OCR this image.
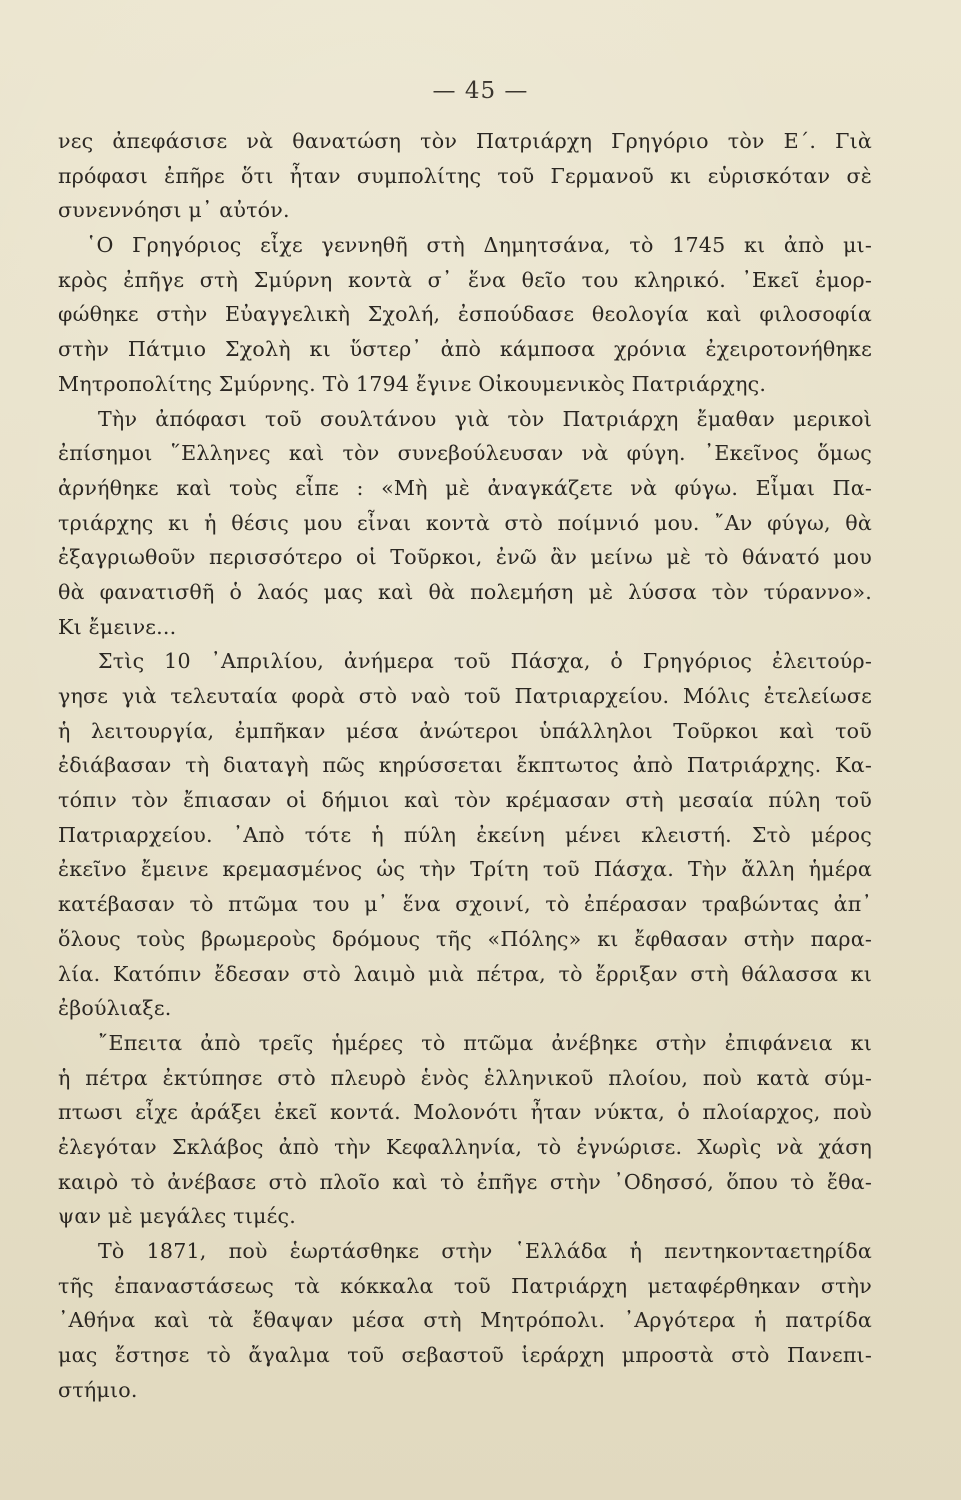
— 45 —
νες ἀπεφάσισε νὰ θανατώση τὸν Πατριάρχη Γρηγόριο τὸν Ε΄. Γιὰ
πρόφασι ἐπῆρε ὅτι ἦταν συμπολίτης τοῦ Γερμανοῦ κι εὑρισκόταν σὲ
συνεννόησι μ᾿ αὐτόν.
῾Ο Γρηγόριος εἶχε γεννηθῆ στὴ Δημητσάνα, τὸ 1745 κι ἀπὸ μι-
κρὸς ἐπῆγε στὴ Σμύρνη κοντὰ σ᾿ ἕνα θεῖο του κληρικό. ᾿Εκεῖ ἐμορ-
φώθηκε στὴν Εὐαγγελικὴ Σχολή, ἐσπούδασε θεολογία καὶ φιλοσοφία
στὴν Πάτμιο Σχολὴ κι ὕστερ᾿ ἀπὸ κάμποσα χρόνια ἐχειροτονήθηκε
Μητροπολίτης Σμύρνης. Τὸ 1794 ἔγινε Οἰκουμενικὸς Πατριάρχης.
Τὴν ἀπόφασι τοῦ σουλτάνου γιὰ τὸν Πατριάρχη ἔμαθαν μερικοὶ
ἐπίσημοι ῞Ελληνες καὶ τὸν συνεβούλευσαν νὰ φύγη. ᾿Εκεῖνος ὅμως
ἀρνήθηκε καὶ τοὺς εἶπε : «Μὴ μὲ ἀναγκάζετε νὰ φύγω. Εἶμαι Πα-
τριάρχης κι ἡ θέσις μου εἶναι κοντὰ στὸ ποίμνιό μου. ῎Αν φύγω, θὰ
ἐξαγριωθοῦν περισσότερο οἱ Τοῦρκοι, ἐνῶ ἂν μείνω μὲ τὸ θάνατό μου
θὰ φανατισθῆ ὁ λαός μας καὶ θὰ πολεμήση μὲ λύσσα τὸν τύραννο».
Κι ἔμεινε...
Στὶς 10 ᾿Απριλίου, ἀνήμερα τοῦ Πάσχα, ὁ Γρηγόριος ἐλειτούρ-
γησε γιὰ τελευταία φορὰ στὸ ναὸ τοῦ Πατριαρχείου. Μόλις ἐτελείωσε
ἡ λειτουργία, ἐμπῆκαν μέσα ἀνώτεροι ὑπάλληλοι Τοῦρκοι καὶ τοῦ
ἐδιάβασαν τὴ διαταγὴ πῶς κηρύσσεται ἔκπτωτος ἀπὸ Πατριάρχης. Κα-
τόπιν τὸν ἔπιασαν οἱ δήμιοι καὶ τὸν κρέμασαν στὴ μεσαία πύλη τοῦ
Πατριαρχείου. ᾿Απὸ τότε ἡ πύλη ἐκείνη μένει κλειστή. Στὸ μέρος
ἐκεῖνο ἔμεινε κρεμασμένος ὡς τὴν Τρίτη τοῦ Πάσχα. Τὴν ἄλλη ἡμέρα
κατέβασαν τὸ πτῶμα του μ᾿ ἕνα σχοινί, τὸ ἐπέρασαν τραβώντας ἀπ᾿
ὅλους τοὺς βρωμεροὺς δρόμους τῆς «Πόλης» κι ἔφθασαν στὴν παρα-
λία. Κατόπιν ἔδεσαν στὸ λαιμὸ μιὰ πέτρα, τὸ ἔρριξαν στὴ θάλασσα κι
ἐβούλιαξε.
῎Επειτα ἀπὸ τρεῖς ἡμέρες τὸ πτῶμα ἀνέβηκε στὴν ἐπιφάνεια κι
ἡ πέτρα ἐκτύπησε στὸ πλευρὸ ἑνὸς ἑλληνικοῦ πλοίου, ποὺ κατὰ σύμ-
πτωσι εἶχε ἀράξει ἐκεῖ κοντά. Μολονότι ἦταν νύκτα, ὁ πλοίαρχος, ποὺ
ἐλεγόταν Σκλάβος ἀπὸ τὴν Κεφαλληνία, τὸ ἐγνώρισε. Χωρὶς νὰ χάση
καιρὸ τὸ ἀνέβασε στὸ πλοῖο καὶ τὸ ἐπῆγε στὴν ᾿Οδησσό, ὅπου τὸ ἔθα-
ψαν μὲ μεγάλες τιμές.
Τὸ 1871, ποὺ ἑωρτάσθηκε στὴν ῾Ελλάδα ἡ πεντηκονταετηρίδα
τῆς ἐπαναστάσεως τὰ κόκκαλα τοῦ Πατριάρχη μεταφέρθηκαν στὴν
᾿Αθήνα καὶ τὰ ἔθαψαν μέσα στὴ Μητρόπολι. ᾿Αργότερα ἡ πατρίδα
μας ἔστησε τὸ ἄγαλμα τοῦ σεβαστοῦ ἱεράρχη μπροστὰ στὸ Πανεπι-
στήμιο.
